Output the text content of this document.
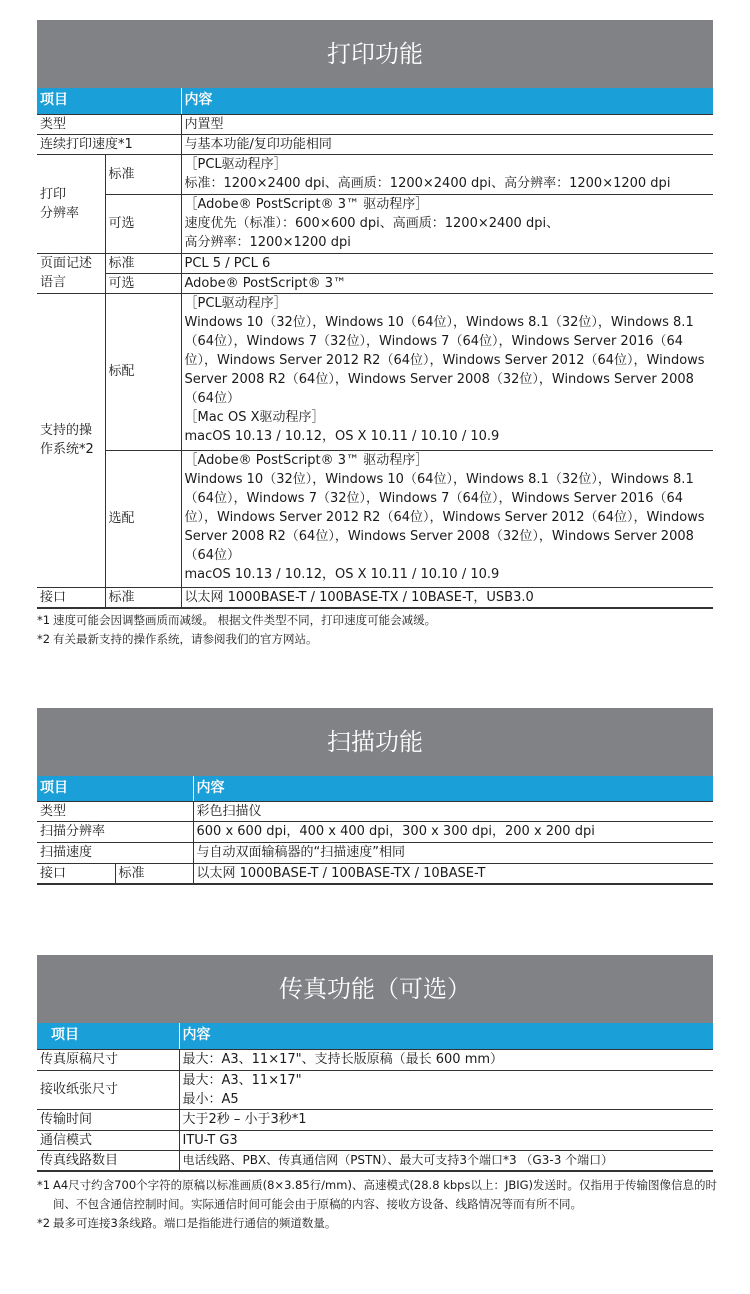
打印功能
项目		内容
类型		内置型
连续打印速度*1		与基本功能/复印功能相同

打印
分辨率	标准	［PCL驱动程序］
标准：1200×2400 dpi、高画质：1200×2400 dpi、高分辨率：1200×1200 dpi

	可选	［Adobe® PostScript® 3™ 驱动程序］
速度优先（标准）：600×600 dpi、高画质：1200×2400 dpi、
高分辨率：1200×1200 dpi

页面记述
语言	标准	PCL 5 / PCL 6
	可选	Adobe® PostScript® 3™

支持的操
作系统*2	标配	［PCL驱动程序］
Windows 10（32位），Windows 10（64位），Windows 8.1（32位），Windows 8.1（64位），Windows 7（32位），Windows 7（64位），Windows Server 2016（64位），Windows Server 2012 R2（64位），Windows Server 2012（64位），Windows Server 2008 R2（64位），Windows Server 2008（32位），Windows Server 2008（64位）
［Mac OS X驱动程序］
macOS 10.13 / 10.12，OS X 10.11 / 10.10 / 10.9

	选配	［Adobe® PostScript® 3™ 驱动程序］
Windows 10（32位），Windows 10（64位），Windows 8.1（32位），Windows 8.1（64位），Windows 7（32位），Windows 7（64位），Windows Server 2016（64位），Windows Server 2012 R2（64位），Windows Server 2012（64位），Windows Server 2008 R2（64位），Windows Server 2008（32位），Windows Server 2008（64位）
macOS 10.13 / 10.12，OS X 10.11 / 10.10 / 10.9

接口	标准	以太网 1000BASE-T / 100BASE-TX / 10BASE-T，USB3.0
*1 速度可能会因调整画质而减缓。 根据文件类型不同，打印速度可能会减缓。
*2 有关最新支持的操作系统，请参阅我们的官方网站。
扫描功能
项目		内容
类型		彩色扫描仪
扫描分辨率		600 x 600 dpi，400 x 400 dpi，300 x 300 dpi，200 x 200 dpi
扫描速度		与自动双面输稿器的“扫描速度”相同
接口	标准	以太网 1000BASE-T / 100BASE-TX / 10BASE-T
传真功能（可选）
项目	内容
传真原稿尺寸	最大：A3、11×17"、支持长版原稿（最长 600 mm）
接收纸张尺寸	最大：A3、11×17"
最小：A5

传输时间	大于2秒 – 小于3秒*1
通信模式	ITU-T G3
传真线路数目	电话线路、PBX、传真通信网（PSTN）、最大可支持3个端口*3 （G3-3 个端口）
*1 A4尺寸约含700个字符的原稿以标准画质(8×3.85行/mm)、高速模式(28.8 kbps以上：JBIG)发送时。仅指用于传输图像信息的时间、不包含通信控制时间。实际通信时间可能会由于原稿的内容、接收方设备、线路情况等而有所不同。
*2 最多可连接3条线路。端口是指能进行通信的频道数量。
